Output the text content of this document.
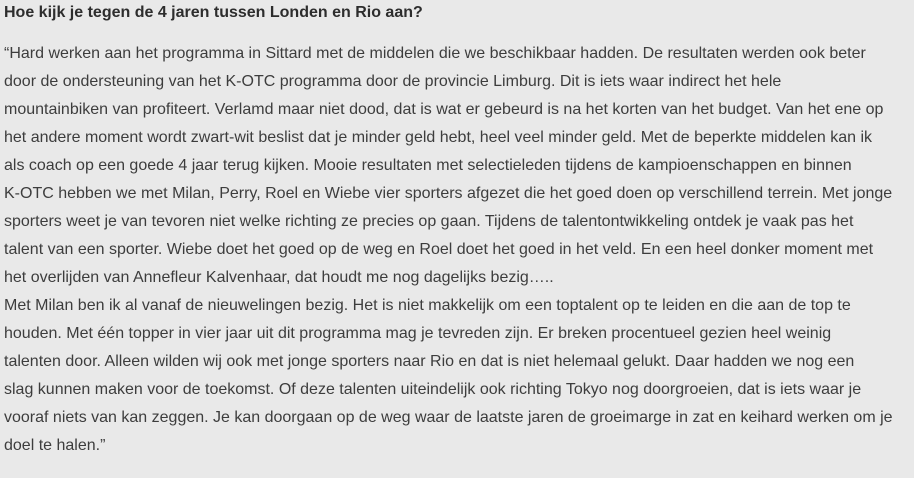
Hoe kijk je tegen de 4 jaren tussen Londen en Rio aan?
“Hard werken aan het programma in Sittard met de middelen die we beschikbaar hadden. De resultaten werden ook beter
door de ondersteuning van het K-OTC programma door de provincie Limburg. Dit is iets waar indirect het hele
mountainbiken van profiteert. Verlamd maar niet dood, dat is wat er gebeurd is na het korten van het budget. Van het ene op
het andere moment wordt zwart-wit beslist dat je minder geld hebt, heel veel minder geld. Met de beperkte middelen kan ik
als coach op een goede 4 jaar terug kijken. Mooie resultaten met selectieleden tijdens de kampioenschappen en binnen
K-OTC hebben we met Milan, Perry, Roel en Wiebe vier sporters afgezet die het goed doen op verschillend terrein. Met jonge
sporters weet je van tevoren niet welke richting ze precies op gaan. Tijdens de talentontwikkeling ontdek je vaak pas het
talent van een sporter. Wiebe doet het goed op de weg en Roel doet het goed in het veld. En een heel donker moment met
het overlijden van Annefleur Kalvenhaar, dat houdt me nog dagelijks bezig…..
Met Milan ben ik al vanaf de nieuwelingen bezig. Het is niet makkelijk om een toptalent op te leiden en die aan de top te
houden. Met één topper in vier jaar uit dit programma mag je tevreden zijn. Er breken procentueel gezien heel weinig
talenten door. Alleen wilden wij ook met jonge sporters naar Rio en dat is niet helemaal gelukt. Daar hadden we nog een
slag kunnen maken voor de toekomst. Of deze talenten uiteindelijk ook richting Tokyo nog doorgroeien, dat is iets waar je
vooraf niets van kan zeggen. Je kan doorgaan op de weg waar de laatste jaren de groeimarge in zat en keihard werken om je
doel te halen.”
